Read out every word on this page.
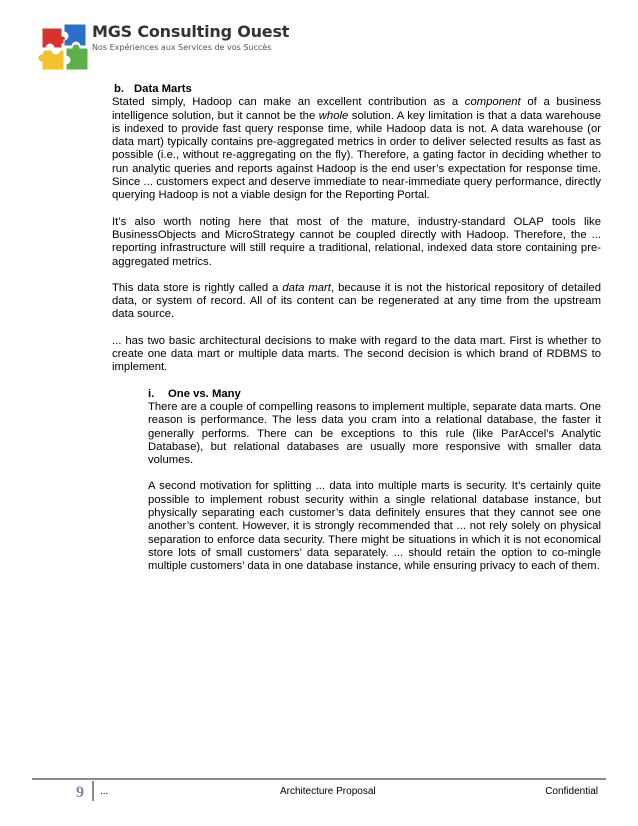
MGS Consulting Ouest
Nos Expériences aux Services de vos Succès
b. Data Marts

Stated simply, Hadoop can make an excellent contribution as a component of a business intelligence solution, but it cannot be the whole solution. A key limitation is that a data warehouse is indexed to provide fast query response time, while Hadoop data is not. A data warehouse (or data mart) typically contains pre-aggregated metrics in order to deliver selected results as fast as possible (i.e., without re-aggregating on the fly). Therefore, a gating factor in deciding whether to run analytic queries and reports against Hadoop is the end user’s expectation for response time. Since ... customers expect and deserve immediate to near-immediate query performance, directly querying Hadoop is not a viable design for the Reporting Portal.

It’s also worth noting here that most of the mature, industry-standard OLAP tools like BusinessObjects and MicroStrategy cannot be coupled directly with Hadoop. Therefore, the ... reporting infrastructure will still require a traditional, relational, indexed data store containing pre-aggregated metrics.

This data store is rightly called a data mart, because it is not the historical repository of detailed data, or system of record. All of its content can be regenerated at any time from the upstream data source.

... has two basic architectural decisions to make with regard to the data mart. First is whether to create one data mart or multiple data marts. The second decision is which brand of RDBMS to implement.

i. One vs. Many

There are a couple of compelling reasons to implement multiple, separate data marts. One reason is performance. The less data you cram into a relational database, the faster it generally performs. There can be exceptions to this rule (like ParAccel’s Analytic Database), but relational databases are usually more responsive with smaller data volumes.

A second motivation for splitting ... data into multiple marts is security. It’s certainly quite possible to implement robust security within a single relational database instance, but physically separating each customer’s data definitely ensures that they cannot see one another’s content. However, it is strongly recommended that ... not rely solely on physical separation to enforce data security. There might be situations in which it is not economical store lots of small customers’ data separately. ... should retain the option to co-mingle multiple customers’ data in one database instance, while ensuring privacy to each of them.

9 ...	Architecture Proposal	Confidential
